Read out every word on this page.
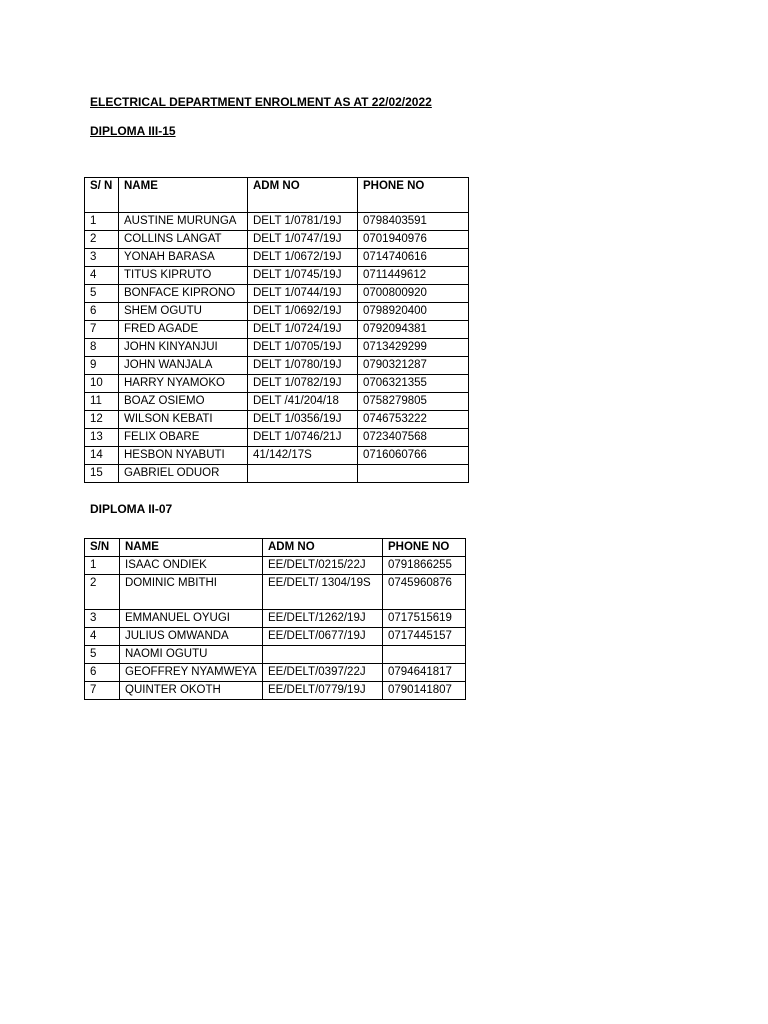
ELECTRICAL DEPARTMENT ENROLMENT AS AT 22/02/2022
DIPLOMA III-15
S/ N	NAME	ADM NO	PHONE NO
1	AUSTINE MURUNGA	DELT 1/0781/19J	0798403591
2	COLLINS LANGAT	DELT 1/0747/19J	0701940976
3	YONAH BARASA	DELT 1/0672/19J	0714740616
4	TITUS KIPRUTO	DELT 1/0745/19J	0711449612
5	BONFACE KIPRONO	DELT 1/0744/19J	0700800920
6	SHEM OGUTU	DELT 1/0692/19J	0798920400
7	FRED AGADE	DELT 1/0724/19J	0792094381
8	JOHN KINYANJUI	DELT 1/0705/19J	0713429299
9	JOHN WANJALA	DELT 1/0780/19J	0790321287
10	HARRY NYAMOKO	DELT 1/0782/19J	0706321355
11	BOAZ OSIEMO	DELT /41/204/18	0758279805
12	WILSON KEBATI	DELT 1/0356/19J	0746753222
13	FELIX OBARE	DELT 1/0746/21J	0723407568
14	HESBON NYABUTI	41/142/17S	0716060766
15	GABRIEL ODUOR		
DIPLOMA II-07
S/N	NAME	ADM NO	PHONE NO
1	ISAAC ONDIEK	EE/DELT/0215/22J	0791866255
2	DOMINIC MBITHI	EE/DELT/ 1304/19S	0745960876
3	EMMANUEL OYUGI	EE/DELT/1262/19J	0717515619
4	JULIUS OMWANDA	EE/DELT/0677/19J	0717445157
5	NAOMI OGUTU		
6	GEOFFREY NYAMWEYA	EE/DELT/0397/22J	0794641817
7	QUINTER OKOTH	EE/DELT/0779/19J	0790141807
